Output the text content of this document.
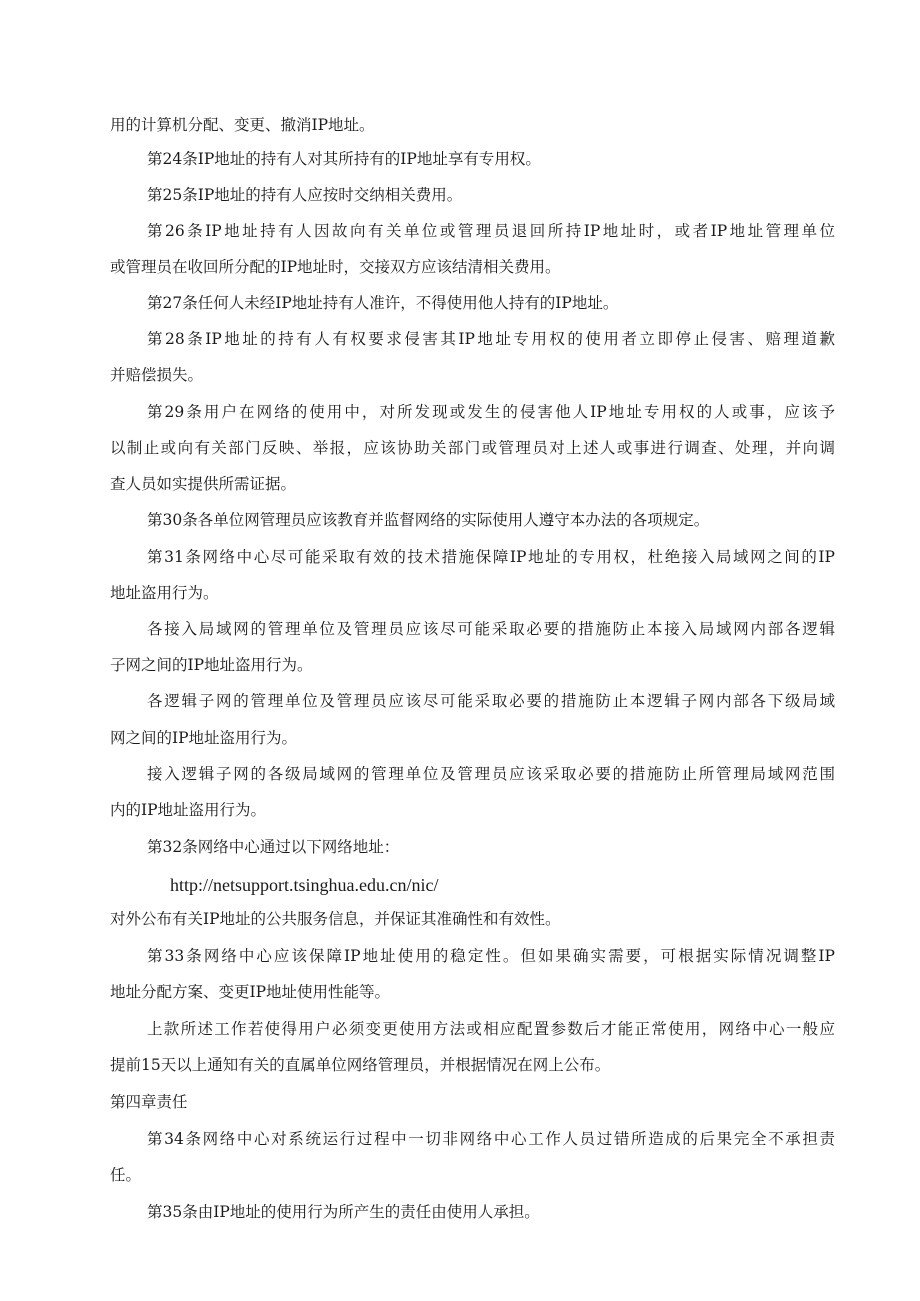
用的计算机分配、变更、撤消IP地址。

第24条IP地址的持有人对其所持有的IP地址享有专用权。

第25条IP地址的持有人应按时交纳相关费用。

第26条IP地址持有人因故向有关单位或管理员退回所持IP地址时，或者IP地址管理单位

或管理员在收回所分配的IP地址时，交接双方应该结清相关费用。

第27条任何人未经IP地址持有人准许，不得使用他人持有的IP地址。

第28条IP地址的持有人有权要求侵害其IP地址专用权的使用者立即停止侵害、赔理道歉

并赔偿损失。

第29条用户在网络的使用中，对所发现或发生的侵害他人IP地址专用权的人或事，应该予

以制止或向有关部门反映、举报，应该协助关部门或管理员对上述人或事进行调查、处理，并向调

查人员如实提供所需证据。

第30条各单位网管理员应该教育并监督网络的实际使用人遵守本办法的各项规定。

第31条网络中心尽可能采取有效的技术措施保障IP地址的专用权，杜绝接入局域网之间的IP

地址盗用行为。

各接入局域网的管理单位及管理员应该尽可能采取必要的措施防止本接入局域网内部各逻辑

子网之间的IP地址盗用行为。

各逻辑子网的管理单位及管理员应该尽可能采取必要的措施防止本逻辑子网内部各下级局域

网之间的IP地址盗用行为。

接入逻辑子网的各级局域网的管理单位及管理员应该采取必要的措施防止所管理局域网范围

内的IP地址盗用行为。

第32条网络中心通过以下网络地址：

http://netsupport.tsinghua.edu.cn/nic/

对外公布有关IP地址的公共服务信息，并保证其准确性和有效性。

第33条网络中心应该保障IP地址使用的稳定性。但如果确实需要，可根据实际情况调整IP

地址分配方案、变更IP地址使用性能等。

上款所述工作若使得用户必须变更使用方法或相应配置参数后才能正常使用，网络中心一般应

提前15天以上通知有关的直属单位网络管理员，并根据情况在网上公布。

第四章责任

第34条网络中心对系统运行过程中一切非网络中心工作人员过错所造成的后果完全不承担责

任。

第35条由IP地址的使用行为所产生的责任由使用人承担。
